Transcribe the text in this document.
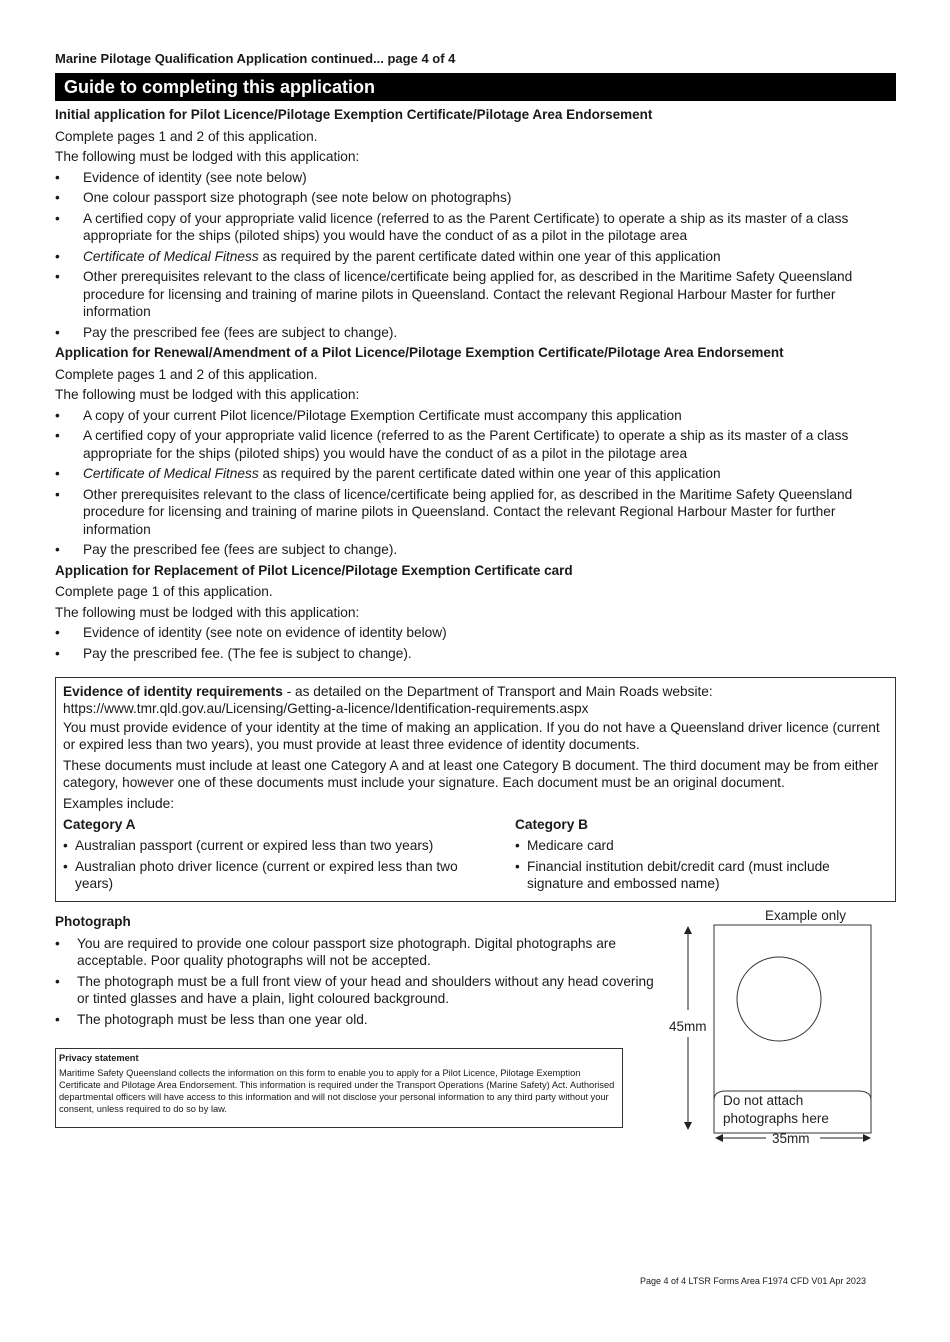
Marine Pilotage Qualification Application continued... page 4 of 4
Guide to completing this application
Initial application for Pilot Licence/Pilotage Exemption Certificate/Pilotage Area Endorsement
Complete pages 1 and 2 of this application.
The following must be lodged with this application:
• Evidence of identity (see note below)
• One colour passport size photograph (see note below on photographs)
• A certified copy of your appropriate valid licence (referred to as the Parent Certificate) to operate a ship as its master of a class appropriate for the ships (piloted ships) you would have the conduct of as a pilot in the pilotage area
• Certificate of Medical Fitness as required by the parent certificate dated within one year of this application
• Other prerequisites relevant to the class of licence/certificate being applied for, as described in the Maritime Safety Queensland procedure for licensing and training of marine pilots in Queensland. Contact the relevant Regional Harbour Master for further information
• Pay the prescribed fee (fees are subject to change).
Application for Renewal/Amendment of a Pilot Licence/Pilotage Exemption Certificate/Pilotage Area Endorsement
Complete pages 1 and 2 of this application.
The following must be lodged with this application:
• A copy of your current Pilot licence/Pilotage Exemption Certificate must accompany this application
• A certified copy of your appropriate valid licence (referred to as the Parent Certificate) to operate a ship as its master of a class appropriate for the ships (piloted ships) you would have the conduct of as a pilot in the pilotage area
• Certificate of Medical Fitness as required by the parent certificate dated within one year of this application
• Other prerequisites relevant to the class of licence/certificate being applied for, as described in the Maritime Safety Queensland procedure for licensing and training of marine pilots in Queensland. Contact the relevant Regional Harbour Master for further information
• Pay the prescribed fee (fees are subject to change).
Application for Replacement of Pilot Licence/Pilotage Exemption Certificate card
Complete page 1 of this application.
The following must be lodged with this application:
• Evidence of identity (see note on evidence of identity below)
• Pay the prescribed fee. (The fee is subject to change).

Evidence of identity requirements - as detailed on the Department of Transport and Main Roads website:
https://www.tmr.qld.gov.au/Licensing/Getting-a-licence/Identification-requirements.aspx

You must provide evidence of your identity at the time of making an application. If you do not have a Queensland driver licence (current or expired less than two years), you must provide at least three evidence of identity documents.

These documents must include at least one Category A and at least one Category B document. The third document may be from either category, however one of these documents must include your signature. Each document must be an original document.

Examples include:

Category A
• Australian passport (current or expired less than two years)
• Australian photo driver licence (current or expired less than two years)
Category B
• Medicare card
• Financial institution debit/credit card (must include signature and embossed name)
Photograph
• You are required to provide one colour passport size photograph. Digital photographs are acceptable. Poor quality photographs will not be accepted.
• The photograph must be a full front view of your head and shoulders without any head covering or tinted glasses and have a plain, light coloured background.
• The photograph must be less than one year old.
Privacy statement
Maritime Safety Queensland collects the information on this form to enable you to apply for a Pilot Licence, Pilotage Exemption Certificate and Pilotage Area Endorsement. This information is required under the Transport Operations (Marine Safety) Act. Authorised departmental officers will have access to this information and will not disclose your personal information to any third party without your consent, unless required to do so by law.
Example only
45mm
Do not attach
photographs here
35mm
Page 4 of 4 LTSR Forms Area F1974 CFD V01 Apr 2023
